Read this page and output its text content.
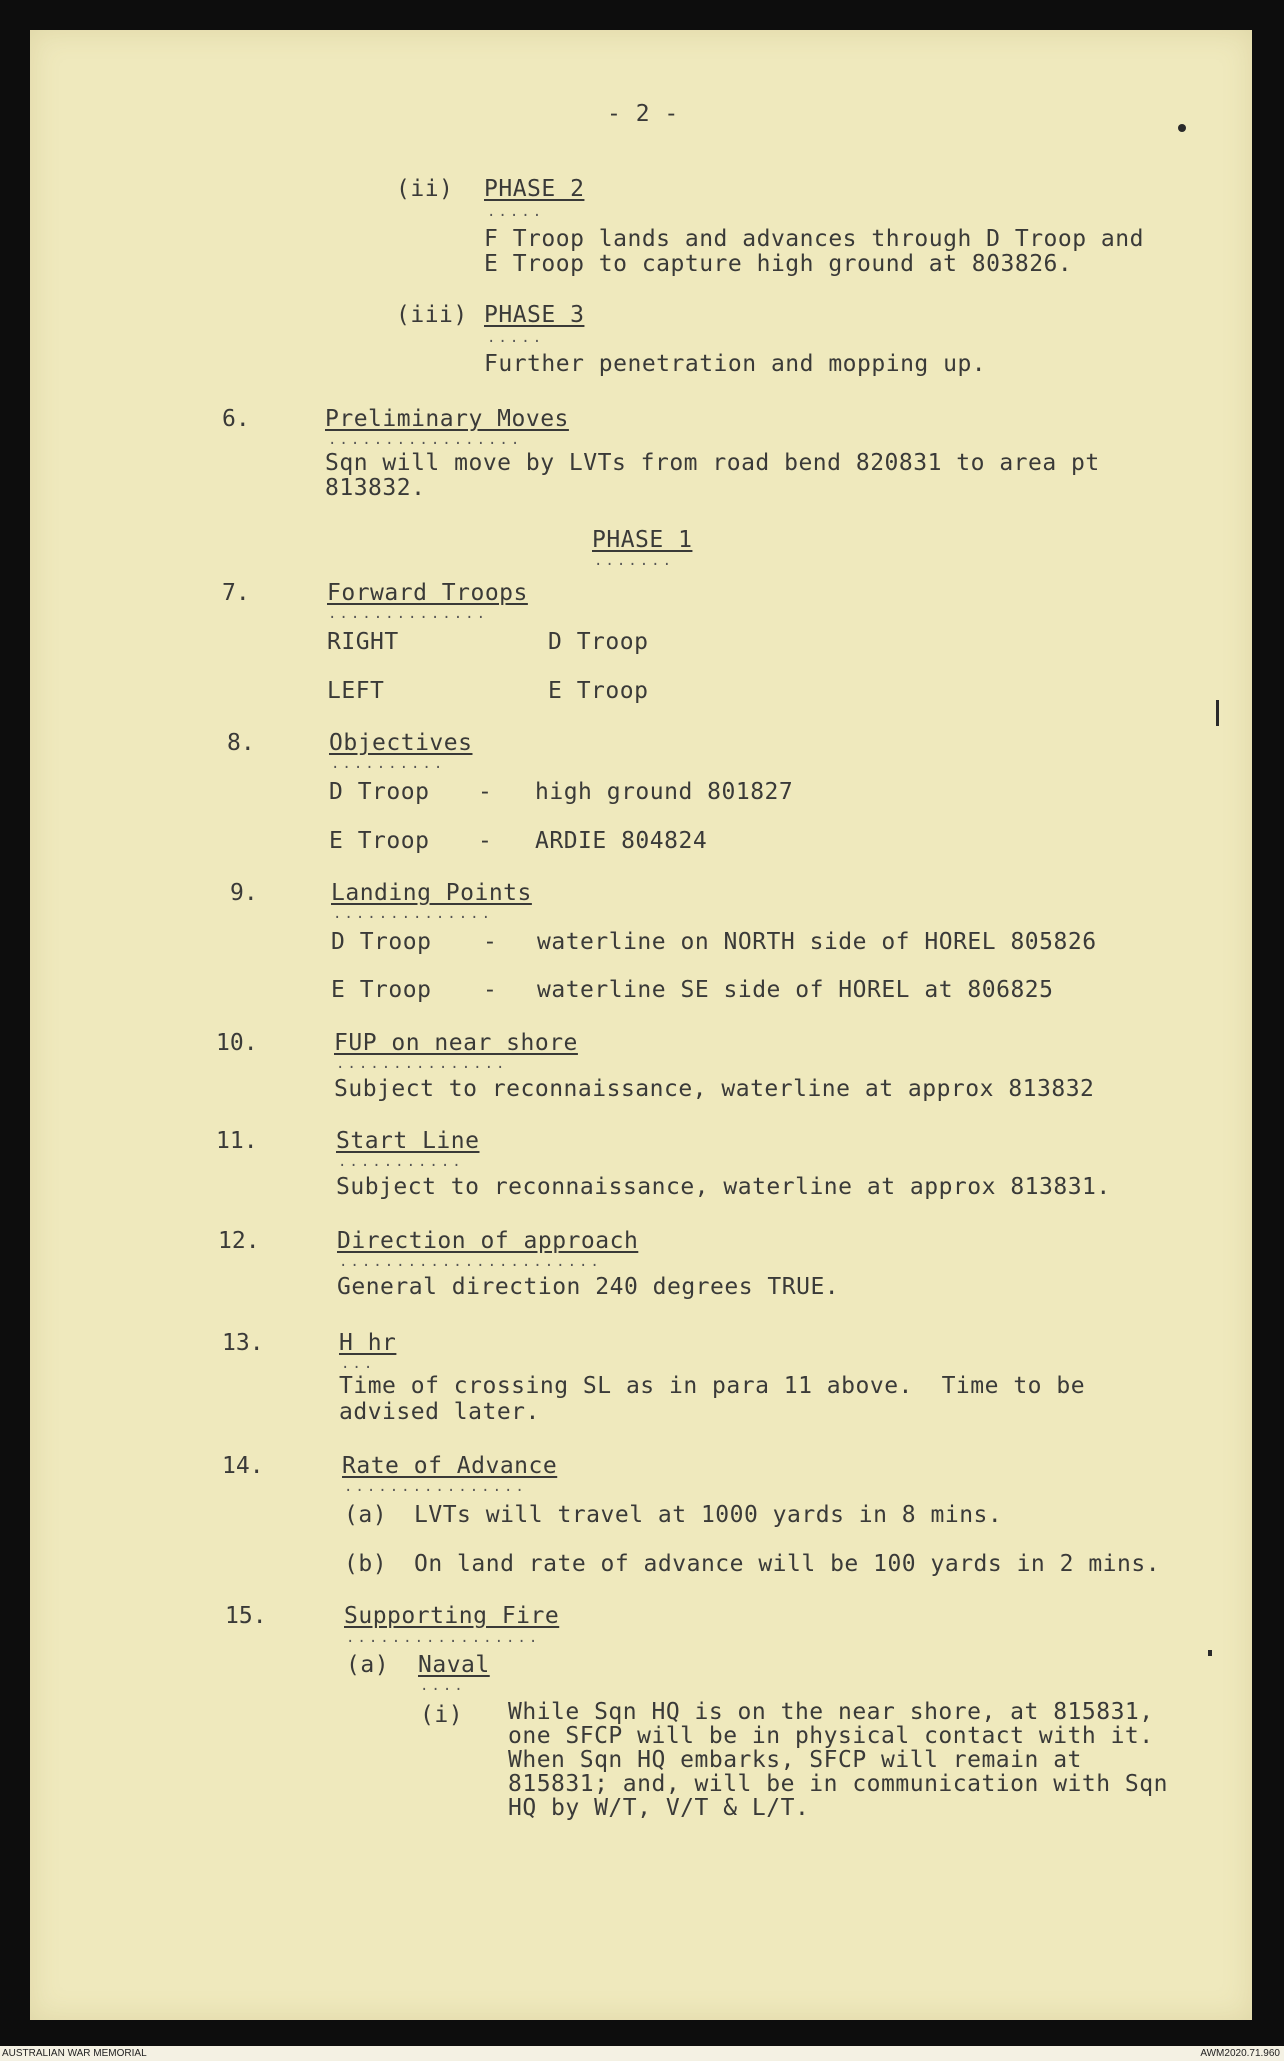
- 2 -
(ii) PHASE 2
.....
F Troop lands and advances through D Troop and
E Troop to capture high ground at 803826.
(iii) PHASE 3
.....
Further penetration and mopping up.
6.	Preliminary Moves
.................
Sqn will move by LVTs from road bend 820831 to area pt
813832.
PHASE 1
.......
7.	Forward Troops
..............
RIGHT	D Troop
LEFT	E Troop
8.	Objectives
..........
D Troop - high ground 801827
E Troop - ARDIE 804824
9.	Landing Points
..............
D Troop - waterline on NORTH side of HOREL 805826
E Troop - waterline SE side of HOREL at 806825
10.	FUP on near shore
...............
Subject to reconnaissance, waterline at approx 813832
11.	Start Line
...........
Subject to reconnaissance, waterline at approx 813831.
12.	Direction of approach
.......................
General direction 240 degrees TRUE.
13.	H hr
...
Time of crossing SL as in para 11 above.  Time to be
advised later.
14.	Rate of Advance
................
(a) LVTs will travel at 1000 yards in 8 mins.
(b) On land rate of advance will be 100 yards in 2 mins.
15.	Supporting Fire
.................
(a) Naval
....
(i) While Sqn HQ is on the near shore, at 815831,
one SFCP will be in physical contact with it.
When Sqn HQ embarks, SFCP will remain at
815831; and, will be in communication with Sqn
HQ by W/T, V/T & L/T.
AUSTRALIAN WAR MEMORIAL	AWM2020.71.960
